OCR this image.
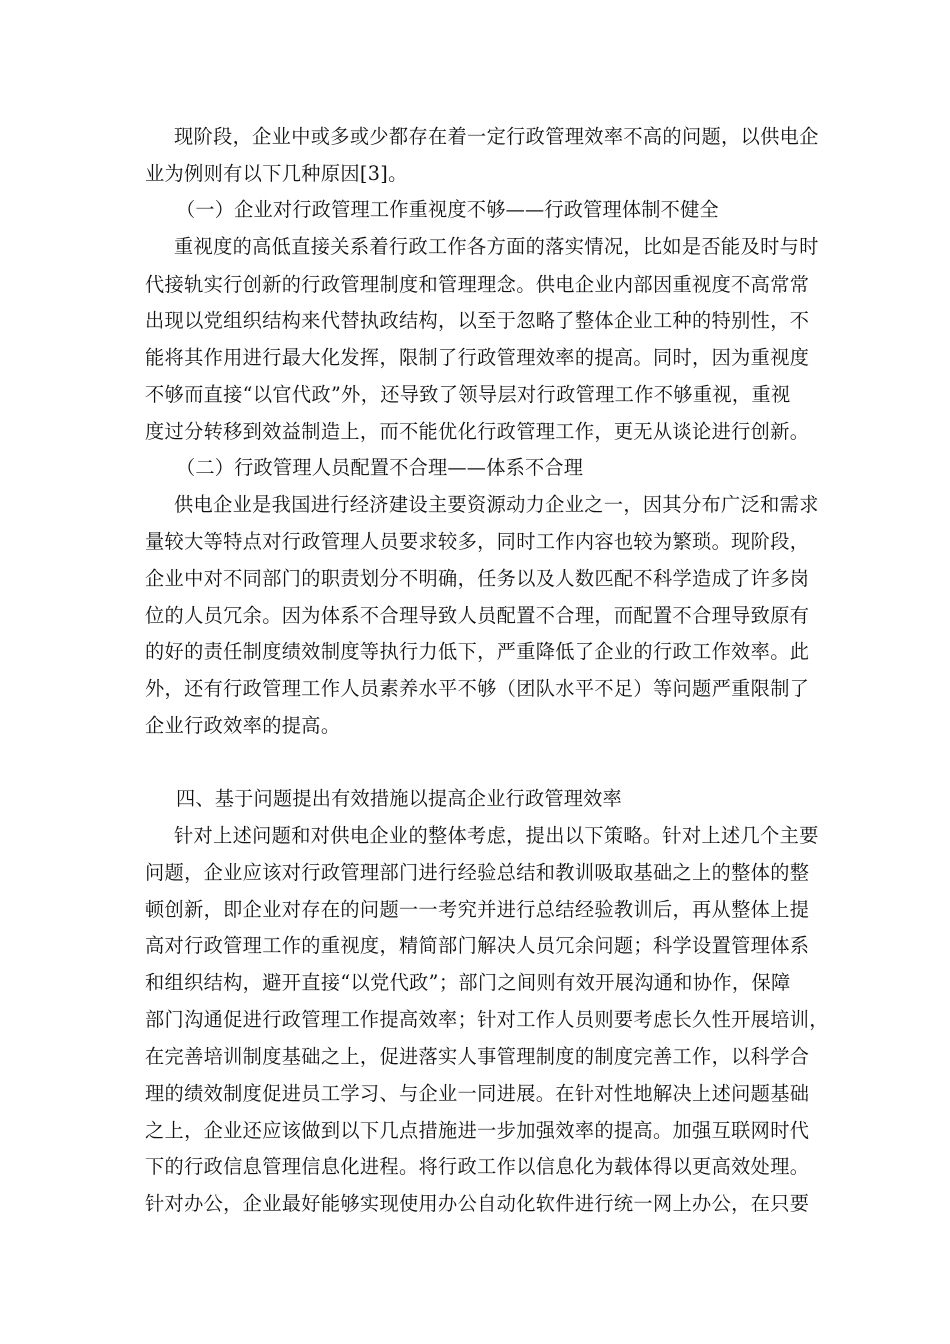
现阶段，企业中或多或少都存在着一定行政管理效率不高的问题，以供电企
业为例则有以下几种原因[3]。
（一）企业对行政管理工作重视度不够——行政管理体制不健全
重视度的高低直接关系着行政工作各方面的落实情况，比如是否能及时与时
代接轨实行创新的行政管理制度和管理理念。供电企业内部因重视度不高常常
出现以党组织结构来代替执政结构，以至于忽略了整体企业工种的特别性，不
能将其作用进行最大化发挥，限制了行政管理效率的提高。同时，因为重视度
不够而直接“以官代政”外，还导致了领导层对行政管理工作不够重视，重视
度过分转移到效益制造上，而不能优化行政管理工作，更无从谈论进行创新。
（二）行政管理人员配置不合理——体系不合理
供电企业是我国进行经济建设主要资源动力企业之一，因其分布广泛和需求
量较大等特点对行政管理人员要求较多，同时工作内容也较为繁琐。现阶段，
企业中对不同部门的职责划分不明确，任务以及人数匹配不科学造成了许多岗
位的人员冗余。因为体系不合理导致人员配置不合理，而配置不合理导致原有
的好的责任制度绩效制度等执行力低下，严重降低了企业的行政工作效率。此
外，还有行政管理工作人员素养水平不够（团队水平不足）等问题严重限制了
企业行政效率的提高。
四、基于问题提出有效措施以提高企业行政管理效率
针对上述问题和对供电企业的整体考虑，提出以下策略。针对上述几个主要
问题，企业应该对行政管理部门进行经验总结和教训吸取基础之上的整体的整
顿创新，即企业对存在的问题一一考究并进行总结经验教训后，再从整体上提
高对行政管理工作的重视度，精简部门解决人员冗余问题；科学设置管理体系
和组织结构，避开直接“以党代政”；部门之间则有效开展沟通和协作，保障
部门沟通促进行政管理工作提高效率；针对工作人员则要考虑长久性开展培训，
在完善培训制度基础之上，促进落实人事管理制度的制度完善工作，以科学合
理的绩效制度促进员工学习、与企业一同进展。在针对性地解决上述问题基础
之上，企业还应该做到以下几点措施进一步加强效率的提高。加强互联网时代
下的行政信息管理信息化进程。将行政工作以信息化为载体得以更高效处理。
针对办公，企业最好能够实现使用办公自动化软件进行统一网上办公，在只要
